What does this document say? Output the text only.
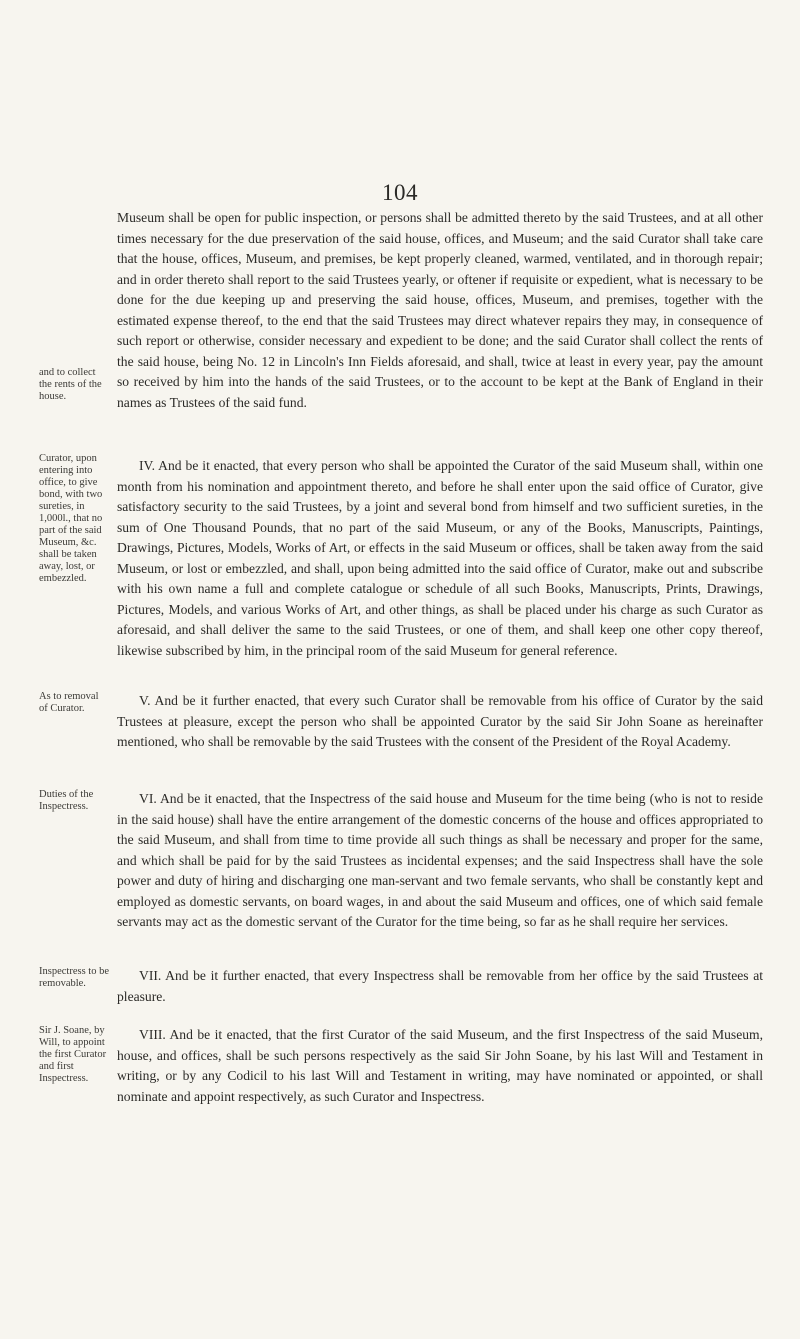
104
and to collect the rents of the house.
Museum shall be open for public inspection, or persons shall be admitted thereto by the said Trustees, and at all other times necessary for the due preservation of the said house, offices, and Museum; and the said Curator shall take care that the house, offices, Museum, and premises, be kept properly cleaned, warmed, ventilated, and in thorough repair; and in order thereto shall report to the said Trustees yearly, or oftener if requisite or expedient, what is necessary to be done for the due keeping up and preserving the said house, offices, Museum, and premises, together with the estimated expense thereof, to the end that the said Trustees may direct whatever repairs they may, in consequence of such report or otherwise, consider necessary and expedient to be done; and the said Curator shall collect the rents of the said house, being No. 12 in Lincoln's Inn Fields aforesaid, and shall, twice at least in every year, pay the amount so received by him into the hands of the said Trustees, or to the account to be kept at the Bank of England in their names as Trustees of the said fund.
Curator, upon entering into office, to give bond, with two sureties, in 1,000l., that no part of the said Museum, &c. shall be taken away, lost, or embezzled.
IV. And be it enacted, that every person who shall be appointed the Curator of the said Museum shall, within one month from his nomination and appointment thereto, and before he shall enter upon the said office of Curator, give satisfactory security to the said Trustees, by a joint and several bond from himself and two sufficient sureties, in the sum of One Thousand Pounds, that no part of the said Museum, or any of the Books, Manuscripts, Paintings, Drawings, Pictures, Models, Works of Art, or effects in the said Museum or offices, shall be taken away from the said Museum, or lost or embezzled, and shall, upon being admitted into the said office of Curator, make out and subscribe with his own name a full and complete catalogue or schedule of all such Books, Manuscripts, Prints, Drawings, Pictures, Models, and various Works of Art, and other things, as shall be placed under his charge as such Curator as aforesaid, and shall deliver the same to the said Trustees, or one of them, and shall keep one other copy thereof, likewise subscribed by him, in the principal room of the said Museum for general reference.
As to removal of Curator.
V. And be it further enacted, that every such Curator shall be removable from his office of Curator by the said Trustees at pleasure, except the person who shall be appointed Curator by the said Sir John Soane as hereinafter mentioned, who shall be removable by the said Trustees with the consent of the President of the Royal Academy.
Duties of the Inspectress.
VI. And be it enacted, that the Inspectress of the said house and Museum for the time being (who is not to reside in the said house) shall have the entire arrangement of the domestic concerns of the house and offices appropriated to the said Museum, and shall from time to time provide all such things as shall be necessary and proper for the same, and which shall be paid for by the said Trustees as incidental expenses; and the said Inspectress shall have the sole power and duty of hiring and discharging one man-servant and two female servants, who shall be constantly kept and employed as domestic servants, on board wages, in and about the said Museum and offices, one of which said female servants may act as the domestic servant of the Curator for the time being, so far as he shall require her services.
Inspectress to be removable.
VII. And be it further enacted, that every Inspectress shall be removable from her office by the said Trustees at pleasure.
Sir J. Soane, by Will, to appoint the first Curator and first Inspectress.
VIII. And be it enacted, that the first Curator of the said Museum, and the first Inspectress of the said Museum, house, and offices, shall be such persons respectively as the said Sir John Soane, by his last Will and Testament in writing, or by any Codicil to his last Will and Testament in writing, may have nominated or appointed, or shall nominate and appoint respectively, as such Curator and Inspectress.
